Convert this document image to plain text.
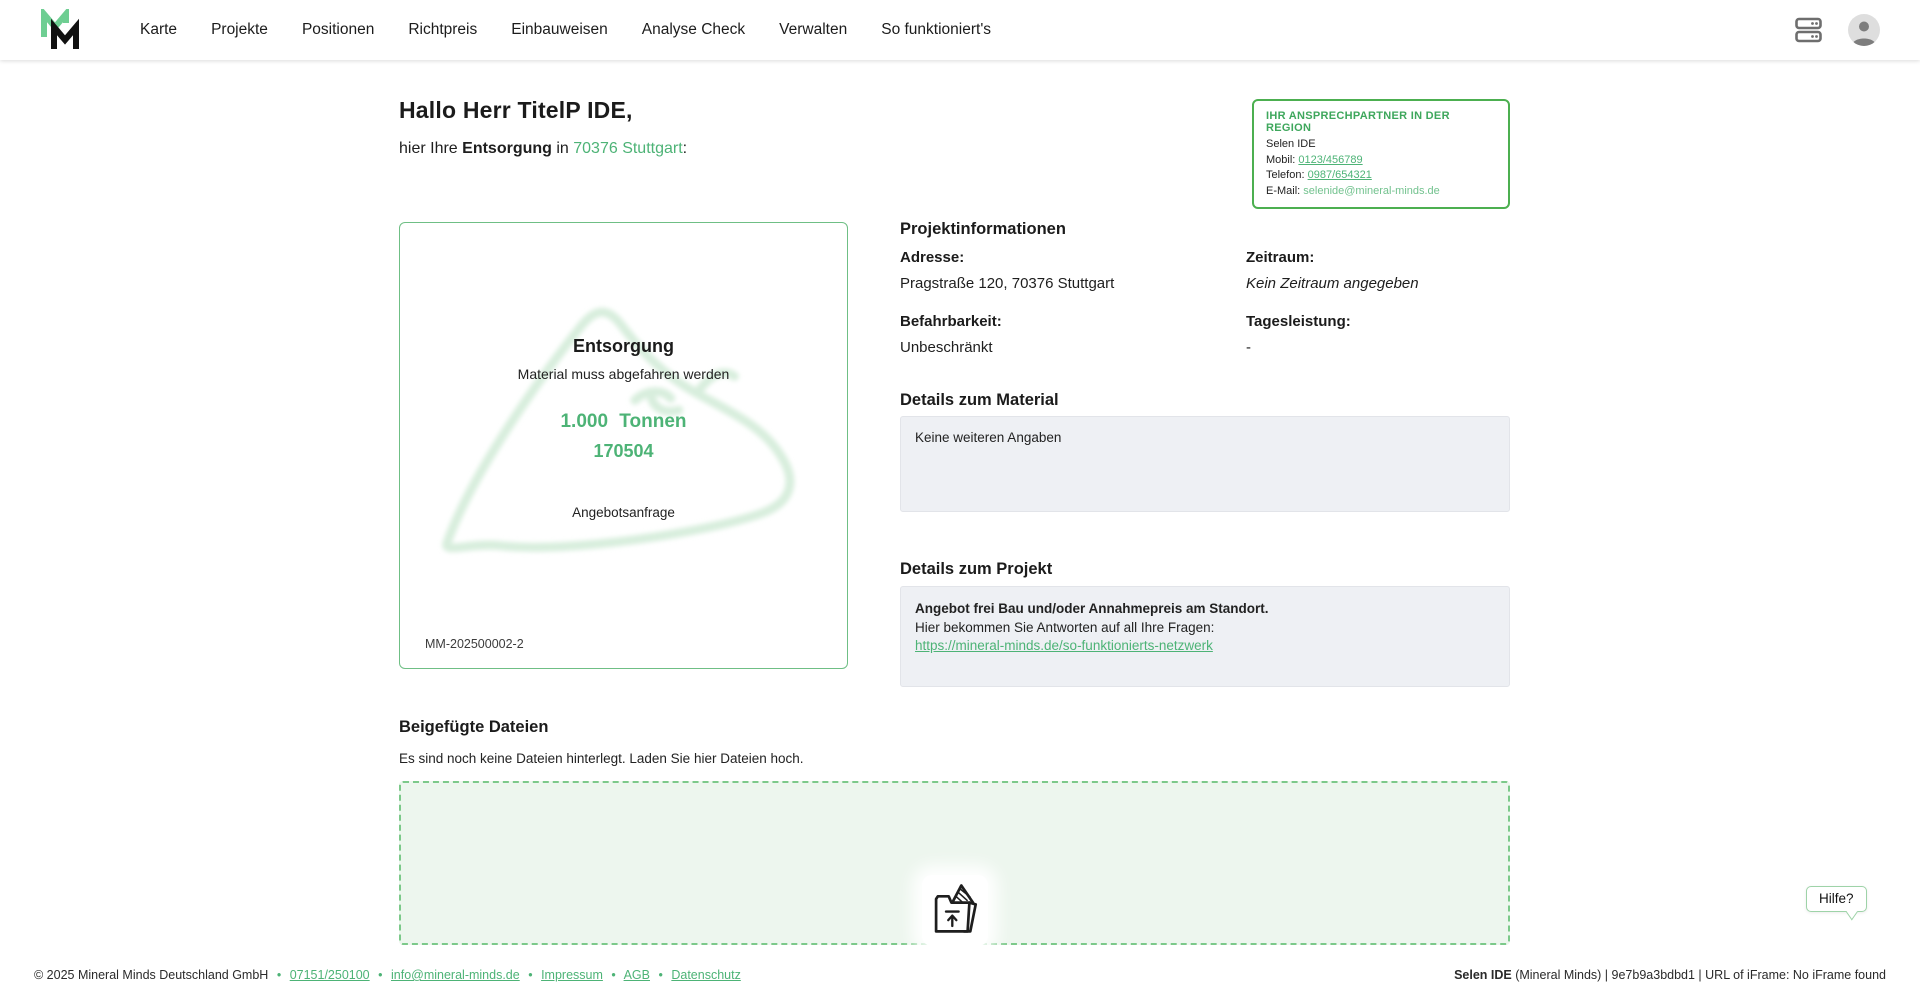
Karte Projekte Positionen Richtpreis Einbauweisen Analyse Check Verwalten So funktioniert's
Hallo Herr TitelP IDE,
hier Ihre Entsorgung in 70376 Stuttgart:
IHR ANSPRECHPARTNER IN DER REGION
Selen IDE
Mobil: 0123/456789
Telefon: 0987/654321
E-Mail: selenide@mineral-minds.de
Entsorgung
Material muss abgefahren werden
1.000 Tonnen
170504
Angebotsanfrage
MM-202500002-2
Projektinformationen
Adresse:
Pragstraße 120, 70376 Stuttgart
Befahrbarkeit:
Unbeschränkt
Zeitraum:
Kein Zeitraum angegeben
Tagesleistung:
-
Details zum Material
Keine weiteren Angaben
Details zum Projekt
Angebot frei Bau und/oder Annahmepreis am Standort.
Hier bekommen Sie Antworten auf all Ihre Fragen:
https://mineral-minds.de/so-funktionierts-netzwerk
Beigefügte Dateien
Es sind noch keine Dateien hinterlegt. Laden Sie hier Dateien hoch.
Hilfe?
© 2025 Mineral Minds Deutschland GmbH • 07151/250100 • info@mineral-minds.de • Impressum • AGB • Datenschutz	Selen IDE (Mineral Minds) | 9e7b9a3bdbd1 | URL of iFrame: No iFrame found
